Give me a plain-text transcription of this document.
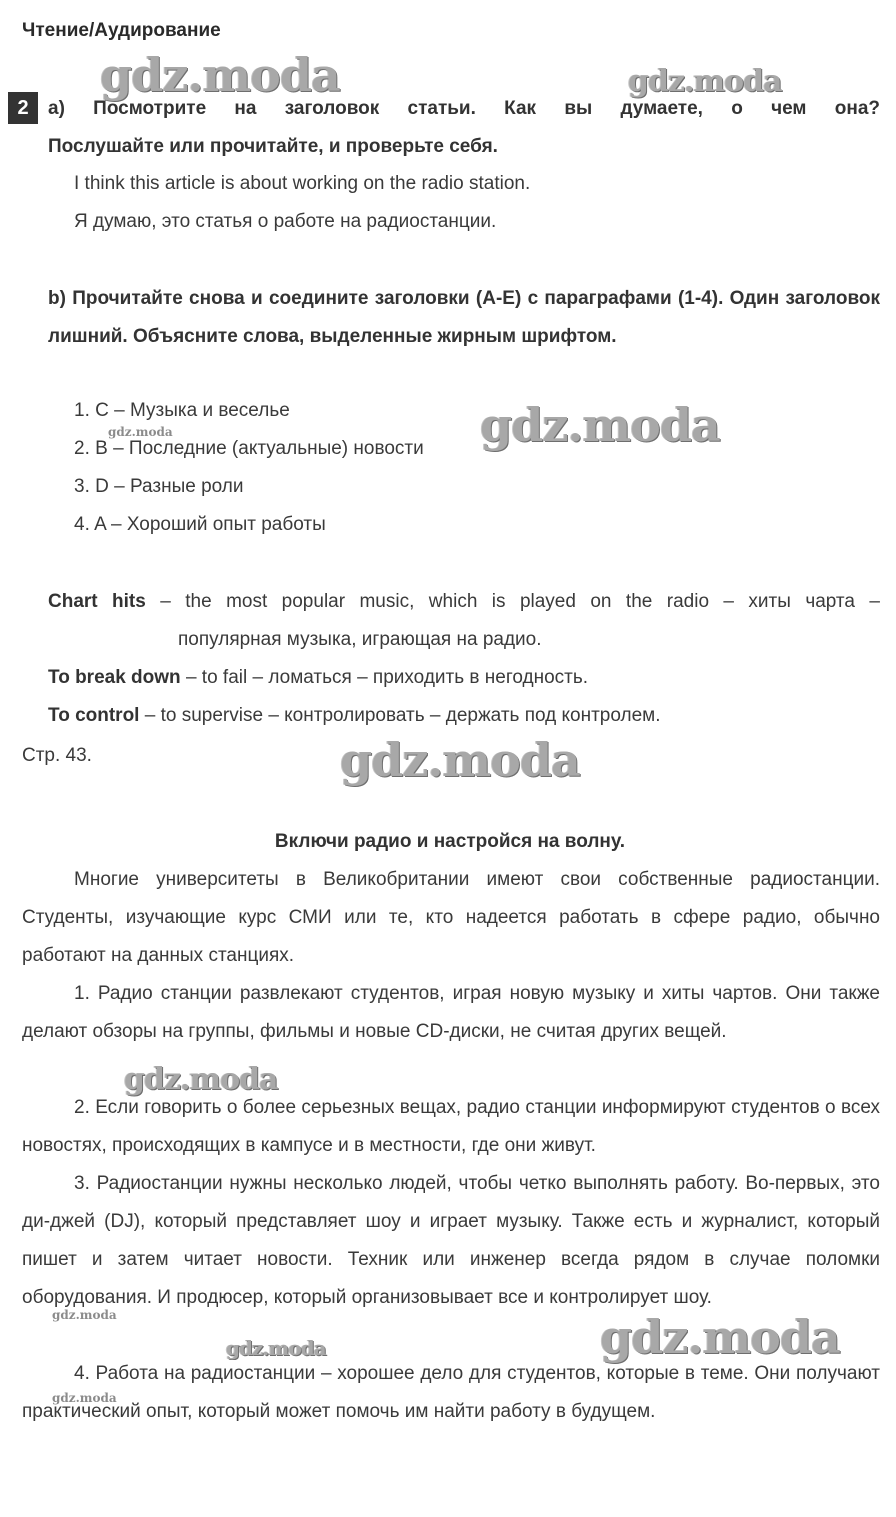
Чтение/Аудирование
2	a) Посмотрите на заголовок статьи. Как вы думаете, о чем она?
Послушайте или прочитайте, и проверьте себя.
I think this article is about working on the radio station.
Я думаю, это статья о работе на радиостанции.
b) Прочитайте снова и соедините заголовки (A-E) с параграфами (1-4). Один заголовок лишний. Объясните слова, выделенные жирным шрифтом.
1. C – Музыка и веселье
2. B – Последние (актуальные) новости
3. D – Разные роли
4. A – Хороший опыт работы
Chart hits – the most popular music, which is played on the radio – хиты чарта –
популярная музыка, играющая на радио.
To break down – to fail – ломаться – приходить в негодность.
To control – to supervise – контролировать – держать под контролем.
Стр. 43.
Включи радио и настройся на волну.
Многие университеты в Великобритании имеют свои собственные радиостанции. Студенты, изучающие курс СМИ или те, кто надеется работать в сфере радио, обычно работают на данных станциях.
1. Радио станции развлекают студентов, играя новую музыку и хиты чартов. Они также делают обзоры на группы, фильмы и новые CD-диски, не считая других вещей.
2. Если говорить о более серьезных вещах, радио станции информируют студентов о всех новостях, происходящих в кампусе и в местности, где они живут.
3. Радиостанции нужны несколько людей, чтобы четко выполнять работу. Во-первых, это ди-джей (DJ), который представляет шоу и играет музыку. Также есть и журналист, который пишет и затем читает новости. Техник или инженер всегда рядом в случае поломки оборудования. И продюсер, который организовывает все и контролирует шоу.
4. Работа на радиостанции – хорошее дело для студентов, которые в теме. Они получают практический опыт, который может помочь им найти работу в будущем.
gdz.moda	gdz.moda
gdz.moda
gdz.moda
gdz.moda
gdz.moda
gdz.moda	gdz.moda
gdz.moda
gdz.moda
